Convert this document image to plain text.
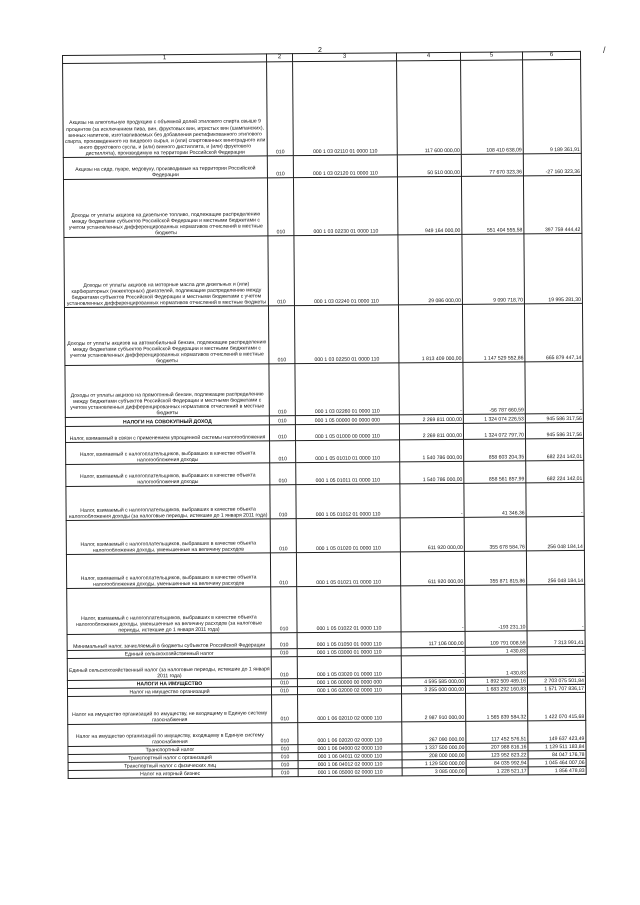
2	/
1	2	3	4	5	6
Акцизы на алкогольную продукцию с объемной долей этилового спирта свыше 9 процентов (за исключением пива, вин, фруктовых вин, игристых вин (шампанских), винных напитков, изготавливаемых без добавления ректификованного этилового спирта, произведенного из пищевого сырья, и (или) спиртованных виноградного или иного фруктового сусла, и (или) винного дистиллята, и (или) фруктового дистиллята), производимую на территории Российской Федерации	010	000 1 03 02110 01 0000 110	117 600 000,00	108 410 638,09	9 189 361,91
Акцизы на сидр, пуаре, медовуху, производимые на территории Российской Федерации	010	000 1 03 02120 01 0000 110	50 510 000,00	77 670 323,36	-27 160 323,36
Доходы от уплаты акцизов на дизельное топливо, подлежащие распределению между бюджетами субъектов Российской Федерации и местными бюджетами с учетом установленных дифференцированных нормативов отчислений в местные бюджеты	010	000 1 03 02230 01 0000 110	949 164 000,00	551 404 555,58	397 759 444,42
Доходы от уплаты акцизов на моторные масла для дизельных и (или) карбюраторных (инжекторных) двигателей, подлежащие распределению между бюджетами субъектов Российской Федерации и местными бюджетами с учетом установленных дифференцированных нормативов отчислений в местные бюджеты	010	000 1 03 02240 01 0000 110	29 086 000,00	9 090 718,70	19 995 281,30
Доходы от уплаты акцизов на автомобильный бензин, подлежащие распределению между бюджетами субъектов Российской Федерации и местными бюджетами с учетом установленных дифференцированных нормативов отчислений в местные бюджеты	010	000 1 03 02250 01 0000 110	1 813 409 000,00	1 147 529 552,86	665 879 447,14
Доходы от уплаты акцизов на прямогонный бензин, подлежащие распределению между бюджетами субъектов Российской Федерации и местными бюджетами с учетом установленных дифференцированных нормативов отчислений в местные бюджеты	010	000 1 03 02260 01 0000 110	-	-56 787 660,59	-
НАЛОГИ НА СОВОКУПНЫЙ ДОХОД	010	000 1 05 00000 00 0000 000	2 269 811 000,00	1 324 074 226,53	945 586 317,56
Налог, взимаемый в связи с применением упрощенной системы налогообложения	010	000 1 05 01000 00 0000 110	2 269 811 000,00	1 324 072 797,70	945 586 317,56
Налог, взимаемый с налогоплательщиков, выбравших в качестве объекта налогообложения доходы	010	000 1 05 01010 01 0000 110	1 540 786 000,00	858 603 204,35	682 224 142,01
Налог, взимаемый с налогоплательщиков, выбравших в качестве объекта налогообложения доходы	010	000 1 05 01011 01 0000 110	1 540 786 000,00	858 561 857,99	682 224 142,01
Налог, взимаемый с налогоплательщиков, выбравших в качестве объекта налогообложения доходы (за налоговые периоды, истекшие до 1 января 2011 года)	010	000 1 05 01012 01 0000 110	-	41 346,36	-
Налог, взимаемый с налогоплательщиков, выбравших в качестве объекта налогообложения доходы, уменьшенные на величину расходов	010	000 1 05 01020 01 0000 110	611 920 000,00	355 678 584,76	256 048 184,14
Налог, взимаемый с налогоплательщиков, выбравших в качестве объекта налогообложения доходы, уменьшенные на величину расходов	010	000 1 05 01021 01 0000 110	611 920 000,00	355 871 815,86	256 048 184,14
Налог, взимаемый с налогоплательщиков, выбравших в качестве объекта налогообложения доходы, уменьшенные на величину расходов (за налоговые периоды, истекшие до 1 января 2011 года)	010	000 1 05 01022 01 0000 110	-	-193 231,10	-
Минимальный налог, зачисляемый в бюджеты субъектов Российской Федерации	010	000 1 05 01050 01 0000 110	117 106 000,00	109 791 008,59	7 313 991,41
Единый сельскохозяйственный налог	010	000 1 05 03000 01 0000 110	-	1 430,83	-
Единый сельскохозяйственный налог (за налоговые периоды, истекшие до 1 января 2011 года)	010	000 1 05 03020 01 0000 110	-	1 430,83	-
НАЛОГИ НА ИМУЩЕСТВО	010	000 1 06 00000 00 0000 000	4 595 585 000,00	1 892 509 489,16	2 703 075 501,84
Налог на имущество организаций	010	000 1 06 02000 02 0000 110	3 255 000 000,00	1 683 292 160,83	1 571 707 836,17
Налог на имущество организаций по имуществу, не входящему в Единую систему газоснабжения	010	000 1 06 02010 02 0000 110	2 987 910 000,00	1 565 839 584,32	1 422 070 415,68
Налог на имущество организаций по имуществу, входящему в Единую систему газоснабжения	010	000 1 06 02020 02 0000 110	267 090 000,00	117 452 576,51	149 637 423,49
Транспортный налог	010	000 1 06 04000 02 0000 110	1 337 500 000,00	207 988 816,16	1 129 511 183,84
Транспортный налог с организаций	010	000 1 06 04011 02 0000 110	208 000 000,00	123 952 823,22	84 047 176,78
Транспортный налог с физических лиц	010	000 1 06 04012 02 0000 110	1 129 500 000,00	84 035 992,94	1 045 464 007,06
Налог на игорный бизнес	010	000 1 06 05000 02 0000 110	3 085 000,00	1 228 521,17	1 856 478,83
